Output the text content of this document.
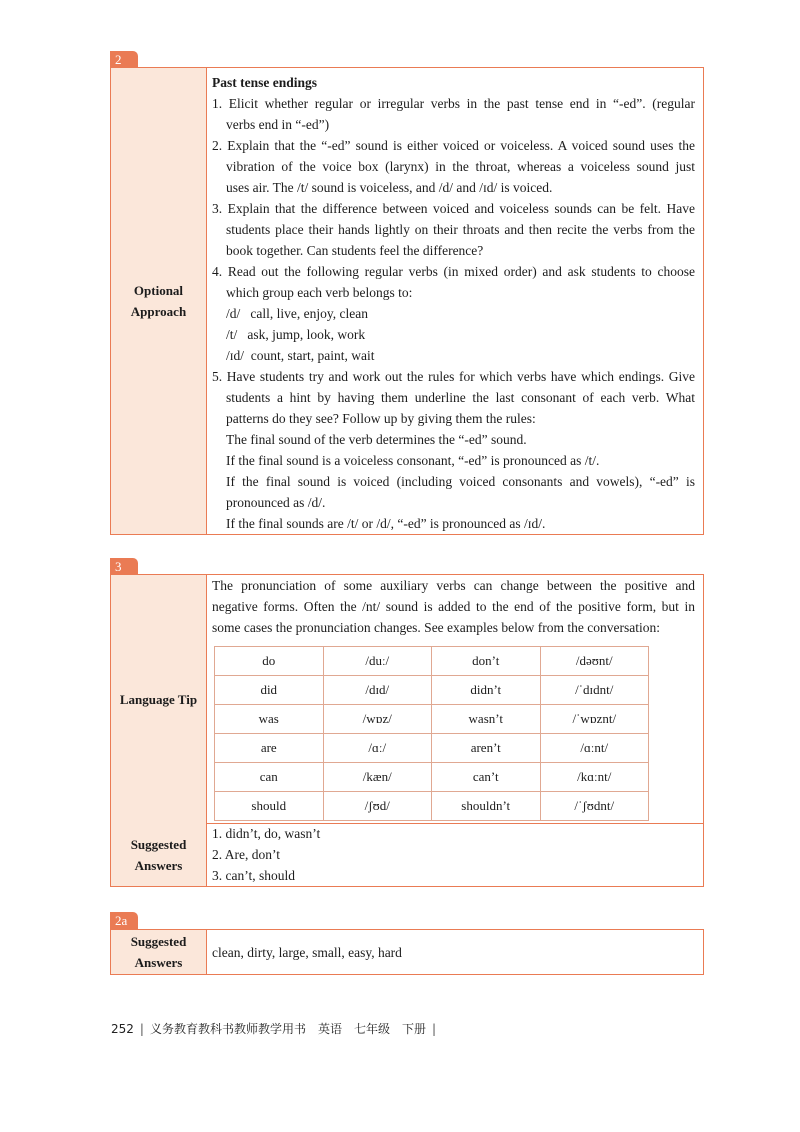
2
Optional
Approach
Past tense endings
1. Elicit whether regular or irregular verbs in the past tense end in “-ed”. (regular
verbs end in “-ed”)
2. Explain that the “-ed” sound is either voiced or voiceless. A voiced sound uses the
vibration of the voice box (larynx) in the throat, whereas a voiceless sound just
uses air. The /t/ sound is voiceless, and /d/ and /ɪd/ is voiced.
3. Explain that the difference between voiced and voiceless sounds can be felt. Have
students place their hands lightly on their throats and then recite the verbs from the
book together. Can students feel the difference?
4. Read out the following regular verbs (in mixed order) and ask students to choose
which group each verb belongs to:
/d/   call, live, enjoy, clean
/t/   ask, jump, look, work
/ɪd/  count, start, paint, wait
5. Have students try and work out the rules for which verbs have which endings. Give
students a hint by having them underline the last consonant of each verb. What
patterns do they see? Follow up by giving them the rules:
The final sound of the verb determines the “-ed” sound.
If the final sound is a voiceless consonant, “-ed” is pronounced as /t/.
If the final sound is voiced (including voiced consonants and vowels), “-ed” is
pronounced as /d/.
If the final sounds are /t/ or /d/, “-ed” is pronounced as /ɪd/.
3
Language Tip
The pronunciation of some auxiliary verbs can change between the positive and
negative forms. Often the /nt/ sound is added to the end of the positive form, but in
some cases the pronunciation changes. See examples below from the conversation:
do	/duː/	don’t	/dəʊnt/
did	/dɪd/	didn’t	/ˈdɪdnt/
was	/wɒz/	wasn’t	/ˈwɒznt/
are	/ɑː/	aren’t	/ɑːnt/
can	/kæn/	can’t	/kɑːnt/
should	/ʃʊd/	shouldn’t	/ˈʃʊdnt/
Suggested
Answers
1. didn’t, do, wasn’t
2. Are, don’t
3. can’t, should
2a
Suggested
Answers
clean, dirty, large, small, easy, hard
252 | 义务教育教科书教师教学用书　英语　七年级　下册 |
